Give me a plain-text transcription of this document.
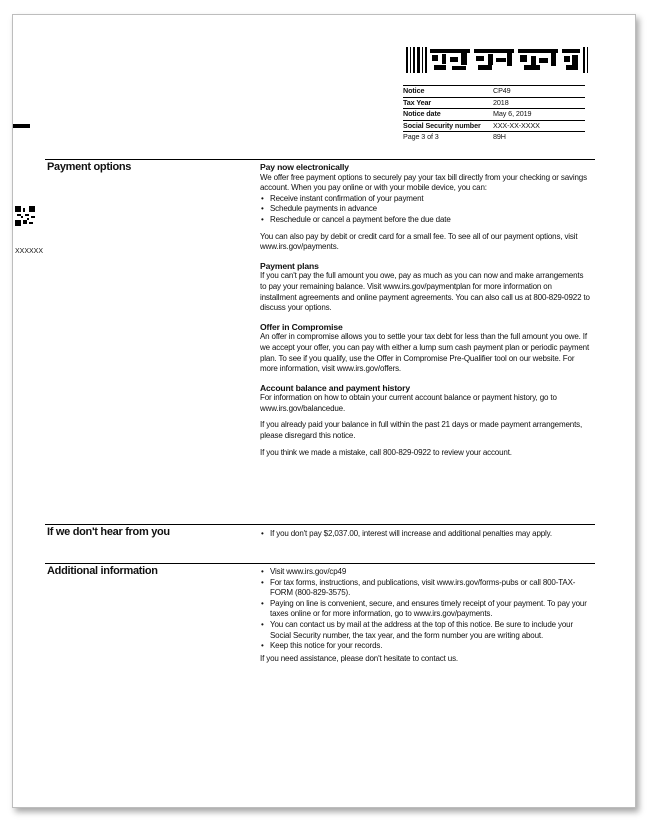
Notice	CP49
Tax Year	2018
Notice date	May 6, 2019
Social Security number	XXX-XX-XXXX
Page 3 of 3	89H
XXXXXX
Payment options	Pay now electronically

We offer free payment options to securely pay your tax bill directly from your checking or savings account. When you pay online or with your mobile device, you can:

• Receive instant confirmation of your payment
• Schedule payments in advance
• Reschedule or cancel a payment before the due date

You can also pay by debit or credit card for a small fee. To see all of our payment options, visit www.irs.gov/payments.

Payment plans

If you can't pay the full amount you owe, pay as much as you can now and make arrangements to pay your remaining balance. Visit www.irs.gov/paymentplan for more information on installment agreements and online payment agreements. You can also call us at 800-829-0922 to discuss your options.

Offer in Compromise

An offer in compromise allows you to settle your tax debt for less than the full amount you owe. If we accept your offer, you can pay with either a lump sum cash payment plan or periodic payment plan. To see if you qualify, use the Offer in Compromise Pre-Qualifier tool on our website. For more information, visit www.irs.gov/offers.

Account balance and payment history

For information on how to obtain your current account balance or payment history, go to www.irs.gov/balancedue.

If you already paid your balance in full within the past 21 days or made payment arrangements, please disregard this notice.

If you think we made a mistake, call 800-829-0922 to review your account.

If we don't hear from you	• If you don't pay $2,037.00, interest will increase and additional penalties may apply.
Additional information	• Visit www.irs.gov/cp49
• For tax forms, instructions, and publications, visit www.irs.gov/forms-pubs or call 800-TAX-FORM (800-829-3575).
• Paying on line is convenient, secure, and ensures timely receipt of your payment. To pay your taxes online or for more information, go to www.irs.gov/payments.
• You can contact us by mail at the address at the top of this notice. Be sure to include your Social Security number, the tax year, and the form number you are writing about.
• Keep this notice for your records.

If you need assistance, please don't hesitate to contact us.
